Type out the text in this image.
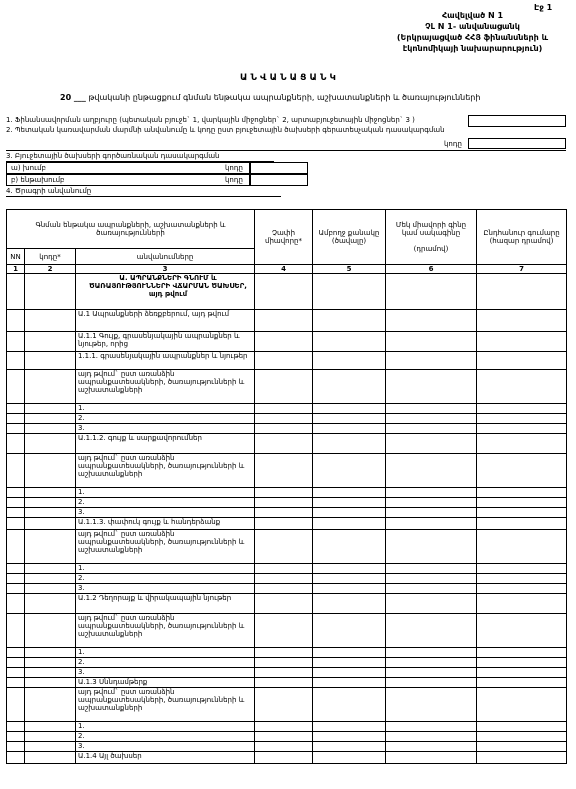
Էջ 1
Հավելված N 1
ՉԼ N 1- անվանացանկ
(Երկրայացված ՀՀՅ ֆինանսների և
էկոնոմիկայի նախարարություն)
Ա Ն Վ Ա Ն Ա Ց Ա Ն Կ
20 ___ թվականի ընթացքում գնման ենթակա ապրանքների, աշխատանքների և ծառայությունների
1. Ֆինանսավորման աղբյուրը (պետական բյուջե` 1, վարկային միջոցներ` 2, արտաբյուջետային միջոցներ` 3 )
2. Պետական կառավարման մարմնի անվանումը և կոդը ըստ բյուջետային ծախսերի գերատեսչական դասակարգման
կոդը
3. Բյուջետային ծախսերի գործառնական դասակարգման
ա) խումբ	կոդը
բ) ենթախումբ	կոդը
4. Ծրագրի անվանումը
Գնման ենթակա ապրանքների, աշխատանքների և ծառայությունների			Չափի միավորը*	Ամբողջ քանակը (ծավալը)	Մեկ միավորի գինը կամ սակագինը
(դրամով)	Ընդհանուր գումարը (հազար դրամով)
NN	կոդը*	անվանումները				
1	2	3	4	5	6	7
		Ա. ԱՊՐԱՆՔՆԵՐԻ ԳՆՈՒՄ և ԾԱՌԱՅՈՒԹՅՈՒՆՆԵՐԻ ՎՃԱՐՄԱՆ ԾԱԽՍԵՐ, այդ թվում				
		Ա.1 Ապրանքների ձեռքբերում, այդ թվում				
		Ա.1.1 Գույք, գրասենյակային ապրանքներ և նյութեր, որից				
		1.1.1. գրասենյակային ապրանքներ և նյութեր				
		այդ թվում` ըստ առանձին ապրանքատեսակների, ծառայությունների և աշխատանքների				
		1.				
		2.				
		3.				
		Ա.1.1.2. գույք և սարքավորումներ				
		այդ թվում` ըստ առանձին ապրանքատեսակների, ծառայությունների և աշխատանքների				
		1.				
		2.				
		3.				
		Ա.1.1.3. փափուկ գույք և հանդերձանք				
		այդ թվում` ըստ առանձին ապրանքատեսակների, ծառայությունների և աշխատանքների				
		1.				
		2.				
		3.				
		Ա.1.2 Դեղորայք և վիրակապային նյութեր				
		այդ թվում` ըստ առանձին ապրանքատեսակների, ծառայությունների և աշխատանքների				
		1.				
		2.				
		3.				
		Ա.1.3 Սննդամթերք				
		այդ թվում` ըստ առանձին ապրանքատեսակների, ծառայությունների և աշխատանքների				
		1.				
		2.				
		3.				
		Ա.1.4 Այլ ծախսեր				
